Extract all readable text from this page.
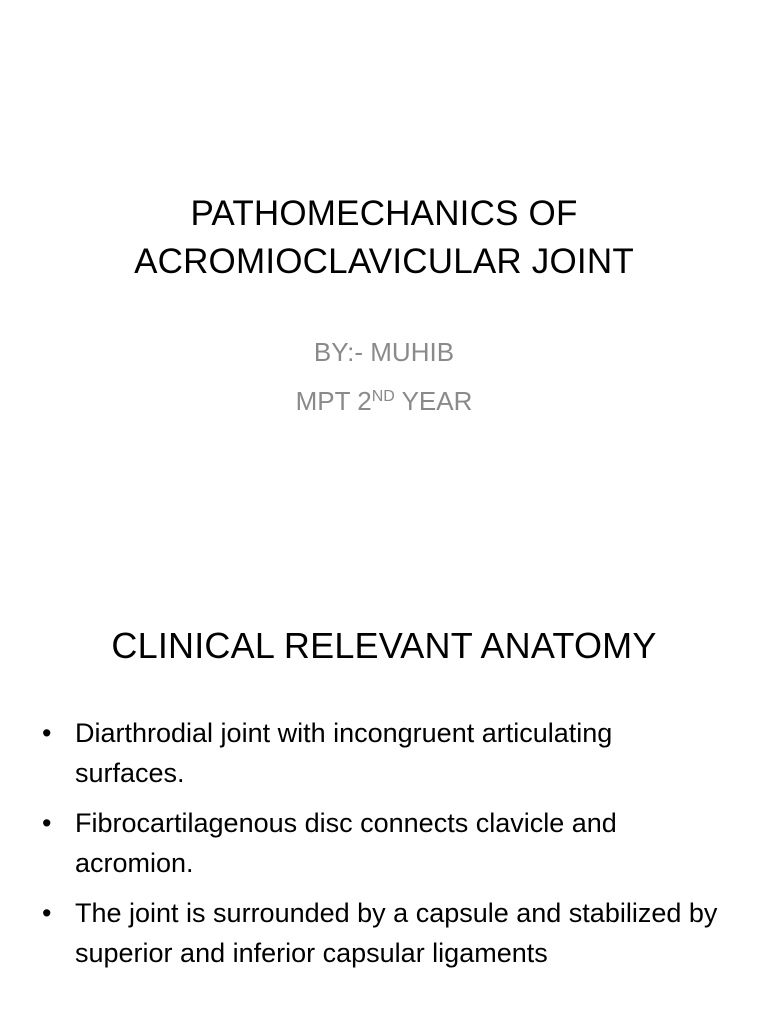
PATHOMECHANICS OF
ACROMIOCLAVICULAR JOINT
BY:- MUHIB
MPT 2ND YEAR
CLINICAL RELEVANT ANATOMY
• Diarthrodial joint with incongruent articulating surfaces.
• Fibrocartilagenous disc connects clavicle and acromion.
• The joint is surrounded by a capsule and stabilized by superior and inferior capsular ligaments
